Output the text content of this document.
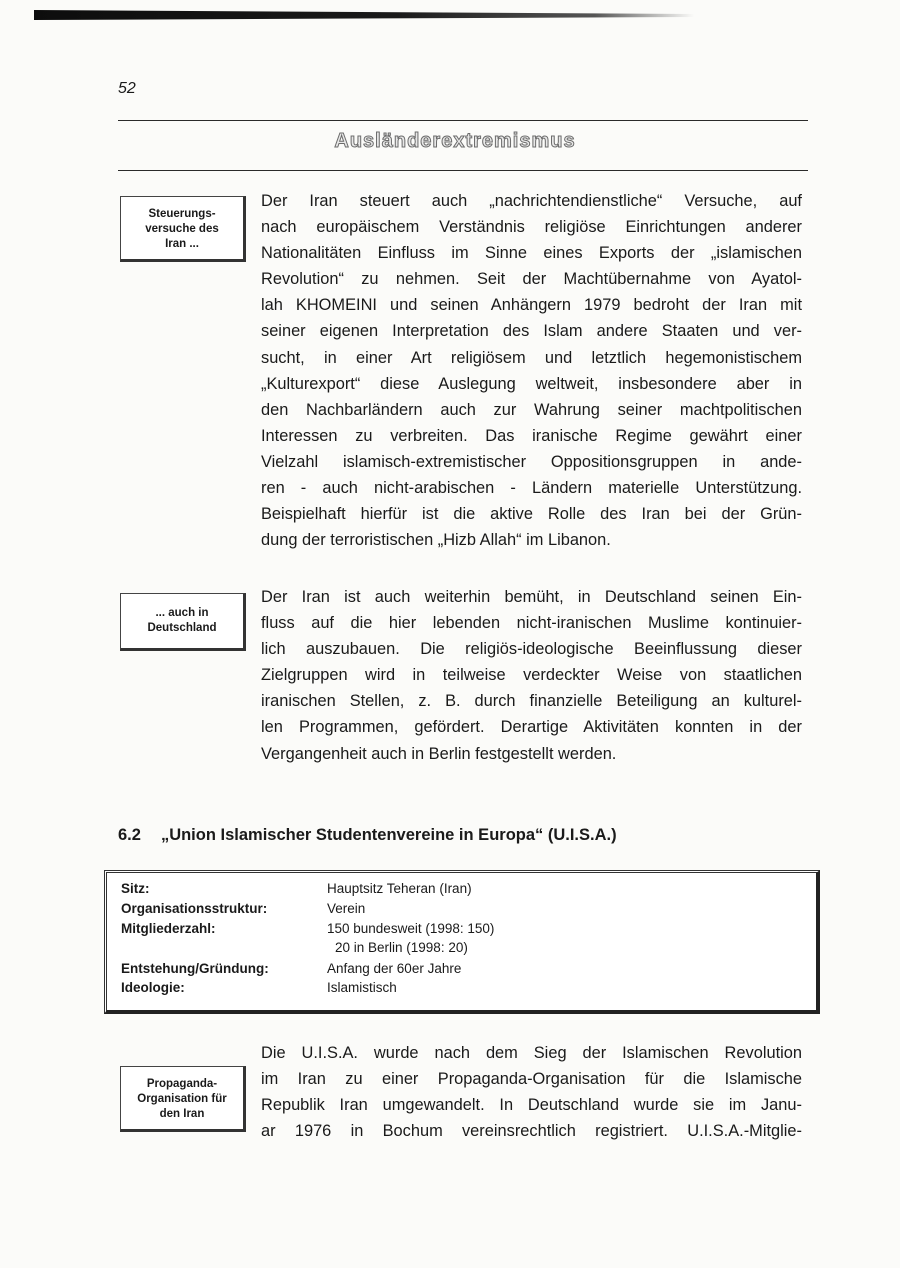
52
Ausländerextremismus
Steuerungs-
versuche des
Iran ...
... auch in
Deutschland
Propaganda-
Organisation für
den Iran
Der Iran steuert auch „nachrichtendienstliche“ Versuche, auf
nach europäischem Verständnis religiöse Einrichtungen anderer
Nationalitäten Einfluss im Sinne eines Exports der „islamischen
Revolution“ zu nehmen. Seit der Machtübernahme von Ayatol-
lah KHOMEINI und seinen Anhängern 1979 bedroht der Iran mit
seiner eigenen Interpretation des Islam andere Staaten und ver-
sucht, in einer Art religiösem und letztlich hegemonistischem
„Kulturexport“ diese Auslegung weltweit, insbesondere aber in
den Nachbarländern auch zur Wahrung seiner machtpolitischen
Interessen zu verbreiten. Das iranische Regime gewährt einer
Vielzahl islamisch-extremistischer Oppositionsgruppen in ande-
ren - auch nicht-arabischen - Ländern materielle Unterstützung.
Beispielhaft hierfür ist die aktive Rolle des Iran bei der Grün-
dung der terroristischen „Hizb Allah“ im Libanon.
Der Iran ist auch weiterhin bemüht, in Deutschland seinen Ein-
fluss auf die hier lebenden nicht-iranischen Muslime kontinuier-
lich auszubauen. Die religiös-ideologische Beeinflussung dieser
Zielgruppen wird in teilweise verdeckter Weise von staatlichen
iranischen Stellen, z. B. durch finanzielle Beteiligung an kulturel-
len Programmen, gefördert. Derartige Aktivitäten konnten in der
Vergangenheit auch in Berlin festgestellt werden.
6.2 „Union Islamischer Studentenvereine in Europa“ (U.I.S.A.)
Sitz:	Hauptsitz Teheran (Iran)
Organisationsstruktur:	Verein
Mitgliederzahl:	150 bundesweit (1998: 150)
20 in Berlin (1998: 20)
Entstehung/Gründung:	Anfang der 60er Jahre
Ideologie:	Islamistisch
Die U.I.S.A. wurde nach dem Sieg der Islamischen Revolution
im Iran zu einer Propaganda-Organisation für die Islamische
Republik Iran umgewandelt. In Deutschland wurde sie im Janu-
ar 1976 in Bochum vereinsrechtlich registriert. U.I.S.A.-Mitglie-
